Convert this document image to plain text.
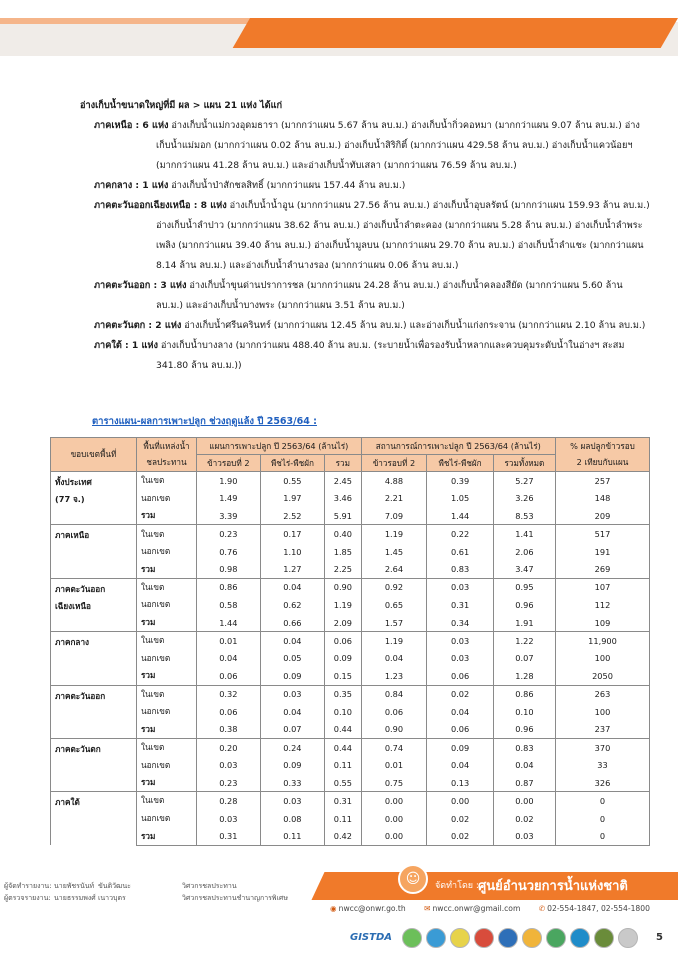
อ่างเก็บน้ำขนาดใหญ่ที่มี ผล > แผน 21 แห่ง ได้แก่
ภาคเหนือ : 6 แห่ง อ่างเก็บน้ำแม่กวงอุดมธารา (มากกว่าแผน 5.67 ล้าน ลบ.ม.) อ่างเก็บน้ำกิ่วคอหมา (มากกว่าแผน 9.07 ล้าน ลบ.ม.) อ่างเก็บน้ำแม่มอก (มากกว่าแผน 0.02 ล้าน ลบ.ม.) อ่างเก็บน้ำสิริกิติ์ (มากกว่าแผน 429.58 ล้าน ลบ.ม.) อ่างเก็บน้ำแควน้อยฯ (มากกว่าแผน 41.28 ล้าน ลบ.ม.) และอ่างเก็บน้ำทับเสลา (มากกว่าแผน 76.59 ล้าน ลบ.ม.)
ภาคกลาง : 1 แห่ง อ่างเก็บน้ำป่าสักชลสิทธิ์ (มากกว่าแผน 157.44 ล้าน ลบ.ม.)
ภาคตะวันออกเฉียงเหนือ : 8 แห่ง อ่างเก็บน้ำน้ำอูน (มากกว่าแผน 27.56 ล้าน ลบ.ม.) อ่างเก็บน้ำอุบลรัตน์ (มากกว่าแผน 159.93 ล้าน ลบ.ม.) อ่างเก็บน้ำลำปาว (มากกว่าแผน 38.62 ล้าน ลบ.ม.) อ่างเก็บน้ำลำตะคอง (มากกว่าแผน 5.28 ล้าน ลบ.ม.) อ่างเก็บน้ำลำพระเพลิง (มากกว่าแผน 39.40 ล้าน ลบ.ม.) อ่างเก็บน้ำมูลบน (มากกว่าแผน 29.70 ล้าน ลบ.ม.) อ่างเก็บน้ำลำแชะ (มากกว่าแผน 8.14 ล้าน ลบ.ม.) และอ่างเก็บน้ำลำนางรอง (มากกว่าแผน 0.06 ล้าน ลบ.ม.)
ภาคตะวันออก : 3 แห่ง อ่างเก็บน้ำขุนด่านปราการชล (มากกว่าแผน 24.28 ล้าน ลบ.ม.) อ่างเก็บน้ำคลองสียัด (มากกว่าแผน 5.60 ล้าน ลบ.ม.) และอ่างเก็บน้ำบางพระ (มากกว่าแผน 3.51 ล้าน ลบ.ม.)
ภาคตะวันตก : 2 แห่ง อ่างเก็บน้ำศรีนครินทร์ (มากกว่าแผน 12.45 ล้าน ลบ.ม.) และอ่างเก็บน้ำแก่งกระจาน (มากกว่าแผน 2.10 ล้าน ลบ.ม.)
ภาคใต้ : 1 แห่ง อ่างเก็บน้ำบางลาง (มากกว่าแผน 488.40 ล้าน ลบ.ม. (ระบายน้ำเพื่อรองรับน้ำหลากและควบคุมระดับน้ำในอ่างฯ สะสม 341.80 ล้าน ลบ.ม.))
ตารางแผน-ผลการเพาะปลูก ช่วงฤดูแล้ง ปี 2563/64 :
ขอบเขตพื้นที่	พื้นที่แหล่งน้ำ	แผนการเพาะปลูก ปี 2563/64 (ล้านไร่)			สถานการณ์การเพาะปลูก ปี 2563/64 (ล้านไร่)			% ผลปลูกข้าวรอบ
	ชลประทาน	ข้าวรอบที่ 2	พืชไร่-พืชผัก	รวม	ข้าวรอบที่ 2	พืชไร่-พืชผัก	รวมทั้งหมด	2 เทียบกับแผน

ทั้งประเทศ
(77 จ.)	ในเขต	1.90	0.55	2.45	4.88	0.39	5.27	257
	นอกเขต	1.49	1.97	3.46	2.21	1.05	3.26	148
	รวม	3.39	2.52	5.91	7.09	1.44	8.53	209

ภาคเหนือ	ในเขต	0.23	0.17	0.40	1.19	0.22	1.41	517
	นอกเขต	0.76	1.10	1.85	1.45	0.61	2.06	191
	รวม	0.98	1.27	2.25	2.64	0.83	3.47	269

ภาคตะวันออก
เฉียงเหนือ	ในเขต	0.86	0.04	0.90	0.92	0.03	0.95	107
	นอกเขต	0.58	0.62	1.19	0.65	0.31	0.96	112
	รวม	1.44	0.66	2.09	1.57	0.34	1.91	109

ภาคกลาง	ในเขต	0.01	0.04	0.06	1.19	0.03	1.22	11,900
	นอกเขต	0.04	0.05	0.09	0.04	0.03	0.07	100
	รวม	0.06	0.09	0.15	1.23	0.06	1.28	2050

ภาคตะวันออก	ในเขต	0.32	0.03	0.35	0.84	0.02	0.86	263
	นอกเขต	0.06	0.04	0.10	0.06	0.04	0.10	100
	รวม	0.38	0.07	0.44	0.90	0.06	0.96	237

ภาคตะวันตก	ในเขต	0.20	0.24	0.44	0.74	0.09	0.83	370
	นอกเขต	0.03	0.09	0.11	0.01	0.04	0.04	33
	รวม	0.23	0.33	0.55	0.75	0.13	0.87	326

ภาคใต้	ในเขต	0.28	0.03	0.31	0.00	0.00	0.00	0
	นอกเขต	0.03	0.08	0.11	0.00	0.02	0.02	0
	รวม	0.31	0.11	0.42	0.00	0.02	0.03	0
ผู้จัดทำรายงาน: นายพัชรนันท์ ขันติวัฒนะ	วิศวกรชลประทาน
ผู้ตรวจรายงาน: นายธรรมพงศ์ เนาวบุตร	วิศวกรชลประทานชำนาญการพิเศษ
☺	จัดทำโดย : ศูนย์อำนวยการน้ำแห่งชาติ
◉ nwcc@onwr.go.th ✉ nwcc.onwr@gmail.com ✆ 02-554-1847, 02-554-1800
GISTDA	5
